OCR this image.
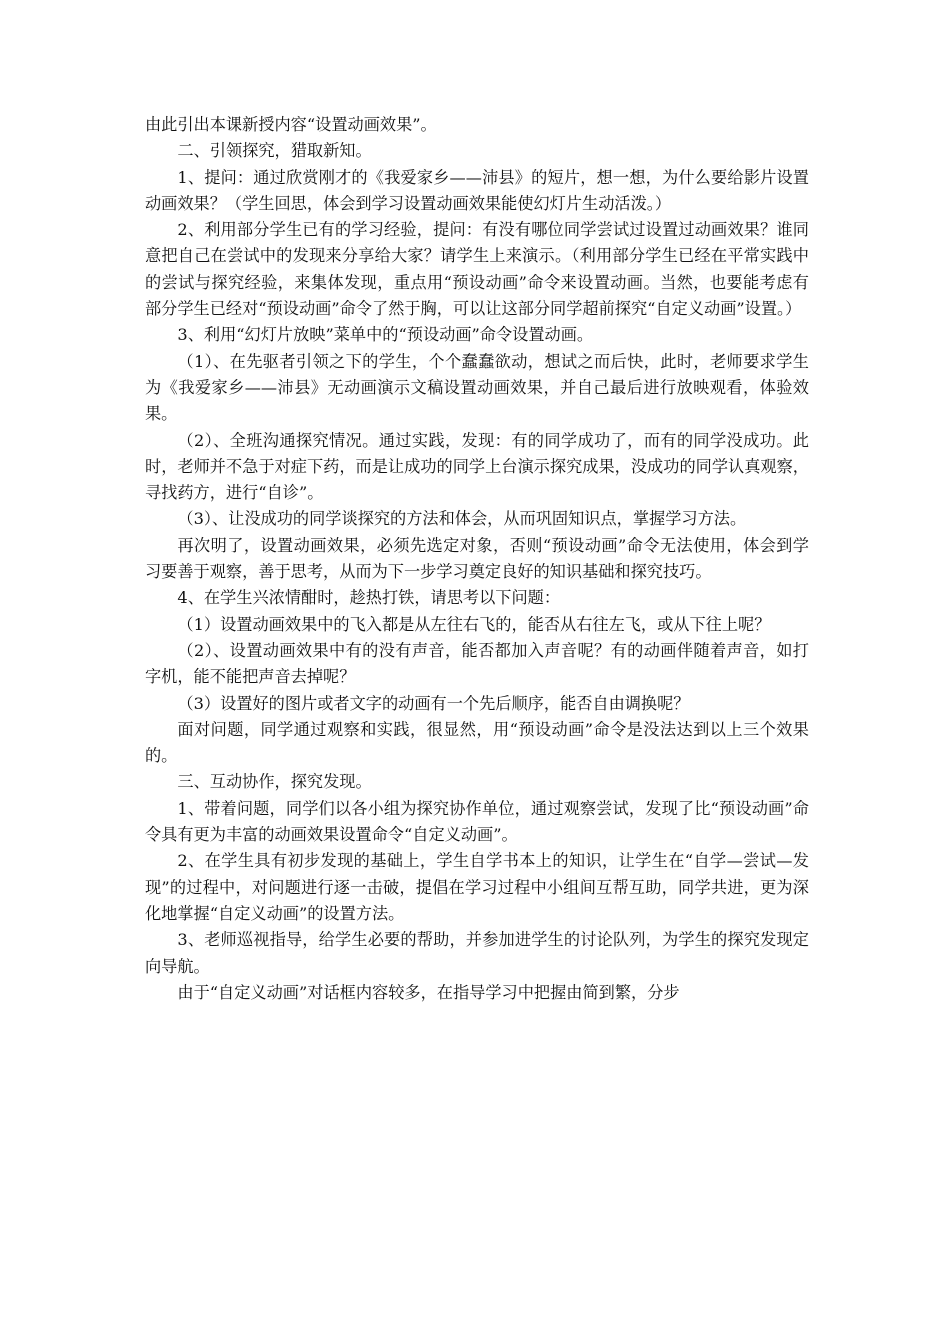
由此引出本课新授内容“设置动画效果”。

二、引领探究，猎取新知。

1、提问：通过欣赏刚才的《我爱家乡——沛县》的短片，想一想，为什么要给影片设置动画效果？（学生回思，体会到学习设置动画效果能使幻灯片生动活泼。）

2、利用部分学生已有的学习经验，提问：有没有哪位同学尝试过设置过动画效果？谁同意把自己在尝试中的发现来分享给大家？请学生上来演示。（利用部分学生已经在平常实践中的尝试与探究经验，来集体发现，重点用“预设动画”命令来设置动画。当然，也要能考虑有部分学生已经对“预设动画”命令了然于胸，可以让这部分同学超前探究“自定义动画”设置。）

3、利用“幻灯片放映”菜单中的“预设动画”命令设置动画。

（1）、在先驱者引领之下的学生，个个蠢蠢欲动，想试之而后快，此时，老师要求学生为《我爱家乡——沛县》无动画演示文稿设置动画效果，并自己最后进行放映观看，体验效果。

（2）、全班沟通探究情况。通过实践，发现：有的同学成功了，而有的同学没成功。此时，老师并不急于对症下药，而是让成功的同学上台演示探究成果，没成功的同学认真观察，寻找药方，进行“自诊”。

（3）、让没成功的同学谈探究的方法和体会，从而巩固知识点，掌握学习方法。

再次明了，设置动画效果，必须先选定对象，否则“预设动画”命令无法使用，体会到学习要善于观察，善于思考，从而为下一步学习奠定良好的知识基础和探究技巧。

4、在学生兴浓情酣时，趁热打铁，请思考以下问题：

（1）设置动画效果中的飞入都是从左往右飞的，能否从右往左飞，或从下往上呢？

（2）、设置动画效果中有的没有声音，能否都加入声音呢？有的动画伴随着声音，如打字机，能不能把声音去掉呢？

（3）设置好的图片或者文字的动画有一个先后顺序，能否自由调换呢？

面对问题，同学通过观察和实践，很显然，用“预设动画”命令是没法达到以上三个效果的。

三、互动协作，探究发现。

1、带着问题，同学们以各小组为探究协作单位，通过观察尝试，发现了比“预设动画”命令具有更为丰富的动画效果设置命令“自定义动画”。

2、在学生具有初步发现的基础上，学生自学书本上的知识，让学生在“自学—尝试—发现”的过程中，对问题进行逐一击破，提倡在学习过程中小组间互帮互助，同学共进，更为深化地掌握“自定义动画”的设置方法。

3、老师巡视指导，给学生必要的帮助，并参加进学生的讨论队列，为学生的探究发现定向导航。

由于“自定义动画”对话框内容较多，在指导学习中把握由简到繁，分步
